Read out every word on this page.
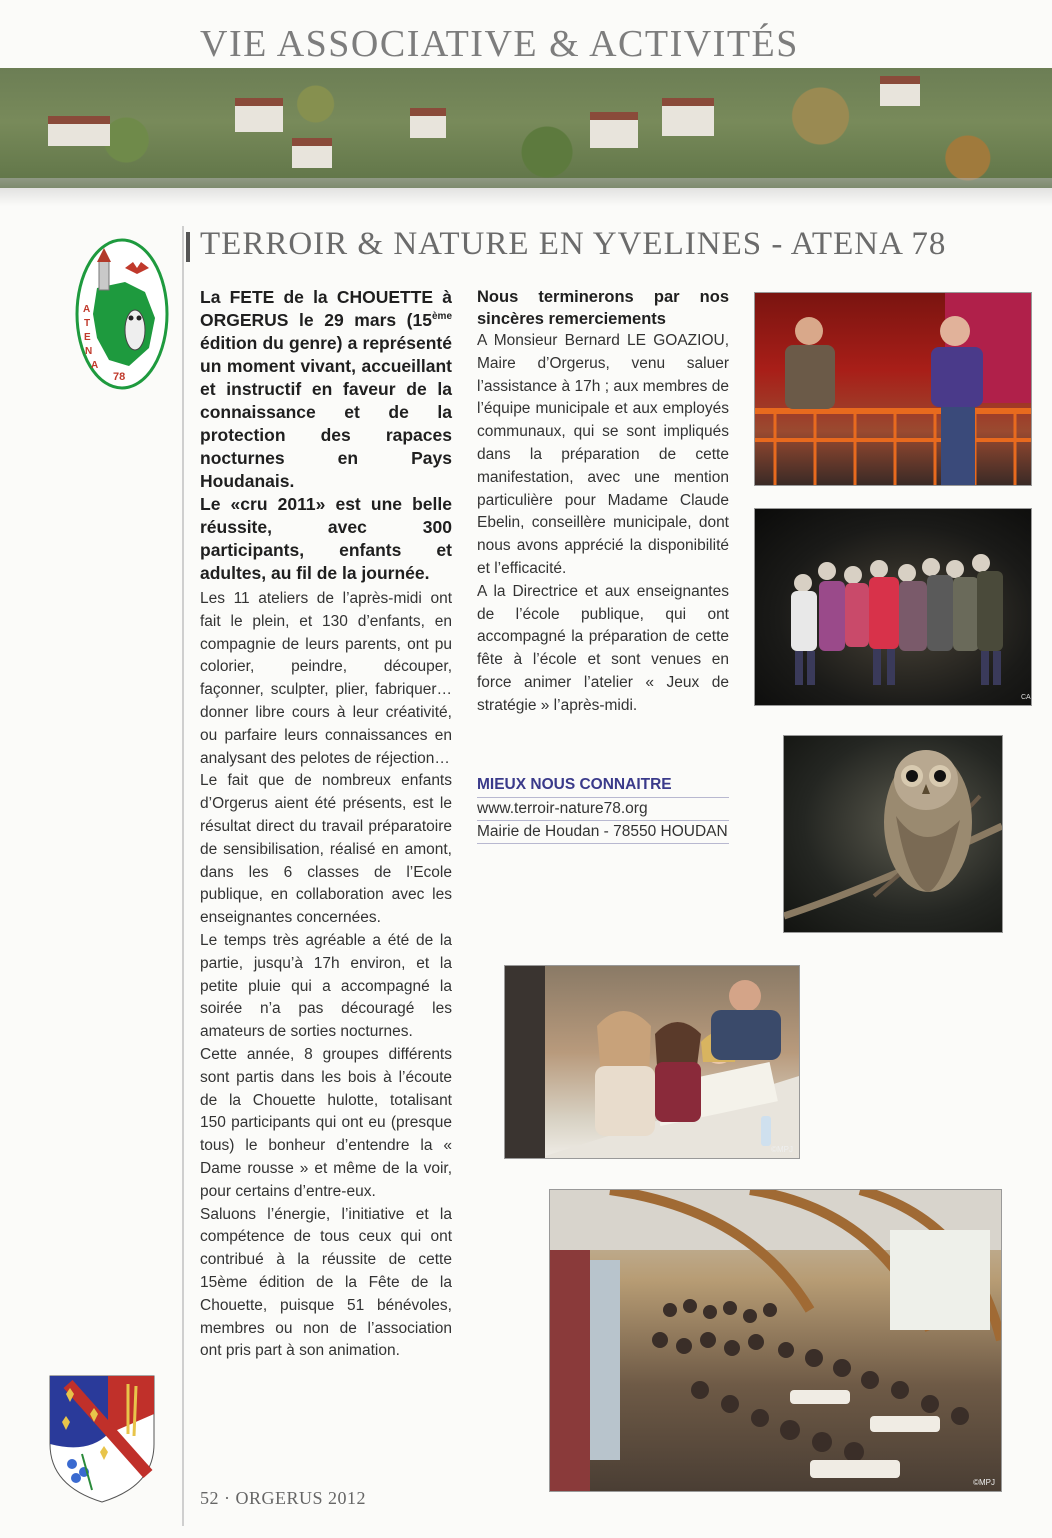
VIE ASSOCIATIVE & ACTIVITÉS
TERROIR & NATURE EN YVELINES - ATENA 78
A
T
E
N
A
78

La FETE de la CHOUETTE à ORGERUS le 29 mars (15ème édition du genre) a représenté un moment vivant, accueillant et instructif en faveur de la connaissance et de la protection des rapaces nocturnes en Pays Houdanais.

Le «cru 2011» est une belle réussite, avec 300 participants, enfants et adultes, au fil de la journée.

Les 11 ateliers de l’après-midi ont fait le plein, et 130 d’enfants, en compagnie de leurs parents, ont pu colorier, peindre, découper, façonner, sculpter, plier, fabriquer… donner libre cours à leur créativité, ou parfaire leurs connaissances en analysant des pelotes de réjection…

Le fait que de nombreux enfants d’Orgerus aient été présents, est le résultat direct du travail préparatoire de sensibilisation, réalisé en amont, dans les 6 classes de l’Ecole publique, en collaboration avec les enseignantes concernées.

Le temps très agréable a été de la partie, jusqu’à 17h environ, et la petite pluie qui a accompagné la soirée n’a pas découragé les amateurs de sorties nocturnes.

Cette année, 8 groupes différents sont partis dans les bois à l’écoute de la Chouette hulotte, totalisant 150 participants qui ont eu (presque tous) le bonheur d’entendre la « Dame rousse » et même de la voir, pour certains d’entre-eux.

Saluons l’énergie, l’initiative et la compétence de tous ceux qui ont contribué à la réussite de cette 15ème édition de la Fête de la Chouette, puisque 51 bénévoles, membres ou non de l’association ont pris part à son animation.

Nous terminerons par nos sincères remerciements

A Monsieur Bernard LE GOAZIOU, Maire d’Orgerus, venu saluer l’assistance à 17h ; aux membres de l’équipe municipale et aux employés communaux, qui se sont impliqués dans la préparation de cette manifestation, avec une mention particulière pour Madame Claude Ebelin, conseillère municipale, dont nous avons apprécié la disponibilité et l’efficacité.

A la Directrice et aux enseignantes de l’école publique, qui ont accompagné la préparation de cette fête à l’école et sont venues en force animer l’atelier « Jeux de stratégie » l’après-midi.

MIEUX NOUS CONNAITRE
www.terroir-nature78.org
Mairie de Houdan - 78550 HOUDAN
CA
©MPJ
©MPJ
52 · ORGERUS 2012
